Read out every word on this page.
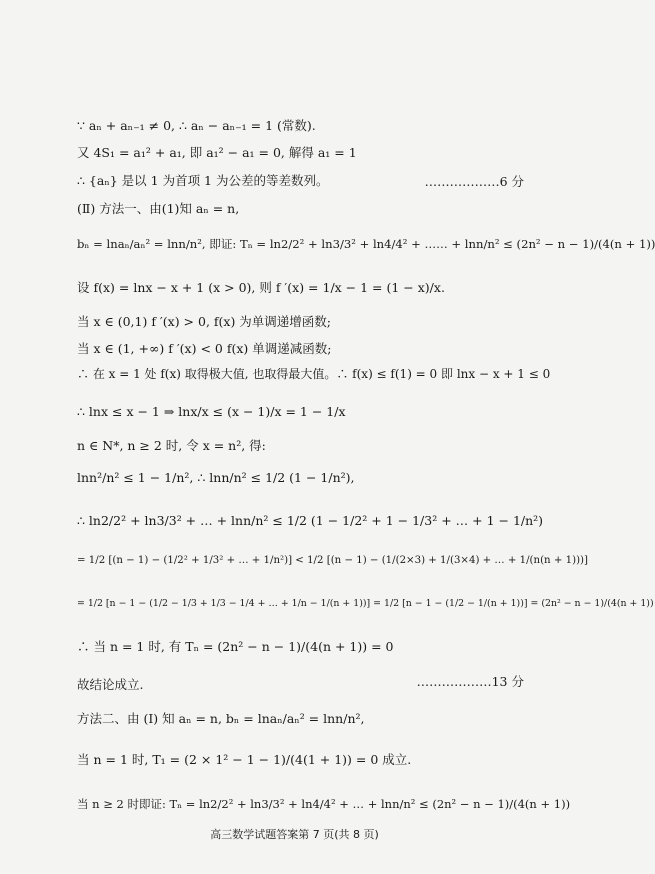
∵ aₙ + aₙ₋₁ ≠ 0, ∴ aₙ − aₙ₋₁ = 1 (常数).
又 4S₁ = a₁² + a₁, 即 a₁² − a₁ = 0, 解得 a₁ = 1
∴ {aₙ} 是以 1 为首项 1 为公差的等差数列。	………………6 分
(Ⅱ) 方法一、由(1)知 aₙ = n,
bₙ = lnaₙ/aₙ² = lnn/n², 即证: Tₙ = ln2/2² + ln3/3² + ln4/4² + …… + lnn/n² ≤ (2n² − n − 1)/(4(n + 1))
设 f(x) = lnx − x + 1 (x > 0), 则 f ′(x) = 1/x − 1 = (1 − x)/x.
当 x ∈ (0,1) f ′(x) > 0, f(x) 为单调递增函数;
当 x ∈ (1, +∞) f ′(x) < 0 f(x) 单调递减函数;
∴ 在 x = 1 处 f(x) 取得极大值, 也取得最大值。∴ f(x) ≤ f(1) = 0 即 lnx − x + 1 ≤ 0
∴ lnx ≤ x − 1 ⇒ lnx/x ≤ (x − 1)/x = 1 − 1/x
n ∈ N*, n ≥ 2 时, 令 x = n², 得:
lnn²/n² ≤ 1 − 1/n², ∴ lnn/n² ≤ 1/2 (1 − 1/n²),
∴ ln2/2² + ln3/3² + … + lnn/n² ≤ 1/2 (1 − 1/2² + 1 − 1/3² + … + 1 − 1/n²)
= 1/2 [(n − 1) − (1/2² + 1/3² + … + 1/n²)] < 1/2 [(n − 1) − (1/(2×3) + 1/(3×4) + … + 1/(n(n + 1)))]
= 1/2 [n − 1 − (1/2 − 1/3 + 1/3 − 1/4 + … + 1/n − 1/(n + 1))] = 1/2 [n − 1 − (1/2 − 1/(n + 1))] = (2n² − n − 1)/(4(n + 1))
∴ 当 n = 1 时, 有 Tₙ = (2n² − n − 1)/(4(n + 1)) = 0
故结论成立.	………………13 分
方法二、由 (Ⅰ) 知 aₙ = n, bₙ = lnaₙ/aₙ² = lnn/n²,
当 n = 1 时, T₁ = (2 × 1² − 1 − 1)/(4(1 + 1)) = 0 成立.
当 n ≥ 2 时即证: Tₙ = ln2/2² + ln3/3² + ln4/4² + … + lnn/n² ≤ (2n² − n − 1)/(4(n + 1))
高三数学试题答案第 7 页(共 8 页)
